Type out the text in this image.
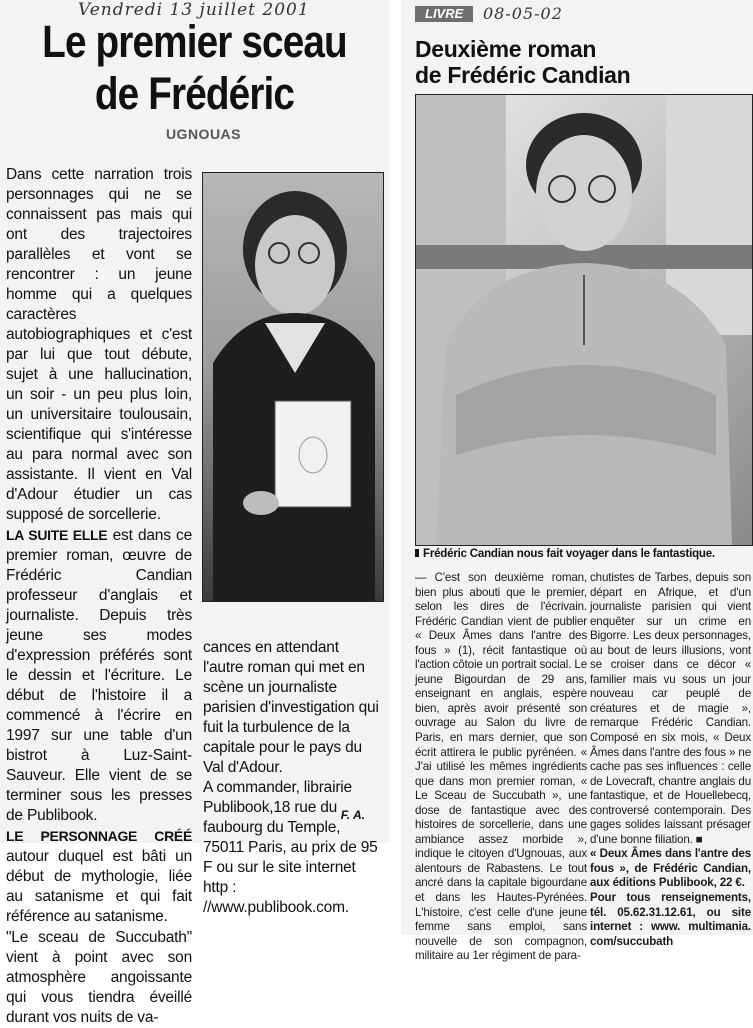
Vendredi 13 juillet 2001
Le premier sceau de Frédéric
UGNOUAS

Dans cette narration trois personnages qui ne se connaissent pas mais qui ont des trajectoires parallèles et vont se rencontrer : un jeune homme qui a quelques caractères autobiographiques et c'est par lui que tout débute, sujet à une hallucination, un soir - un peu plus loin, un universitaire toulousain, scientifique qui s'intéresse au para normal avec son assistante. Il vient en Val d'Adour étudier un cas supposé de sorcellerie.

LA SUITE ELLE est dans ce premier roman, œuvre de Frédéric Candian professeur d'anglais et journaliste. Depuis très jeune ses modes d'expression préférés sont le dessin et l'écriture. Le début de l'histoire il a commencé à l'écrire en 1997 sur une table d'un bistrot à Luz-Saint- Sauveur. Elle vient de se terminer sous les presses de Publibook.

LE PERSONNAGE CRÉÉ autour duquel est bâti un début de mythologie, liée au satanisme et qui fait référence au satanisme.

"Le sceau de Succubath" vient à point avec son atmosphère angoissante qui vous tiendra éveillé durant vos nuits de va-

cances en attendant l'autre roman qui met en scène un journaliste parisien d'investigation qui fuit la turbulence de la capitale pour le pays du Val d'Adour.

A commander, librairie Publibook,18 rue du faubourg du Temple, 75011 Paris, au prix de 95 F ou sur le site internet http : //www.publibook.com.

F. A.
LIVRE	08-05-02
Deuxième roman
de Frédéric Candian

Frédéric Candian nous fait voyager dans le fantastique.

— C'est son deuxième roman, bien plus abouti que le premier, selon les dires de l'écrivain. Frédéric Candian vient de publier « Deux Âmes dans l'antre des fous » (1), récit fantastique où l'action côtoie un portrait social. Le jeune Bigourdan de 29 ans, enseignant en anglais, espère bien, après avoir présenté son ouvrage au Salon du livre de Paris, en mars dernier, que son écrit attirera le public pyrénéen. « J'ai utilisé les mêmes ingrédients que dans mon premier roman, « Le Sceau de Succubath », une dose de fantastique avec des histoires de sorcellerie, dans une ambiance assez morbide », indique le citoyen d'Ugnouas, aux alentours de Rabastens. Le tout ancré dans la capitale bigourdane et dans les Hautes-Pyrénées. L'histoire, c'est celle d'une jeune femme sans emploi, sans nouvelle de son compagnon, militaire au 1er régiment de para-

chutistes de Tarbes, depuis son départ en Afrique, et d'un journaliste parisien qui vient enquêter sur un crime en Bigorre. Les deux personnages, au bout de leurs illusions, vont se croiser dans ce décor « familier mais vu sous un jour nouveau car peuplé de créatures et de magie », remarque Frédéric Candian. Composé en six mois, « Deux Âmes dans l'antre des fous » ne cache pas ses influences : celle de Lovecraft, chantre anglais du fantastique, et de Houellebecq, controversé contemporain. Des gages solides laissant présager d'une bonne filiation. ■

« Deux Âmes dans l'antre des fous », de Frédéric Candian, aux éditions Publibook, 22 €.

Pour tous renseignements, tél. 05.62.31.12.61, ou site internet : www. multimania. com/succubath
